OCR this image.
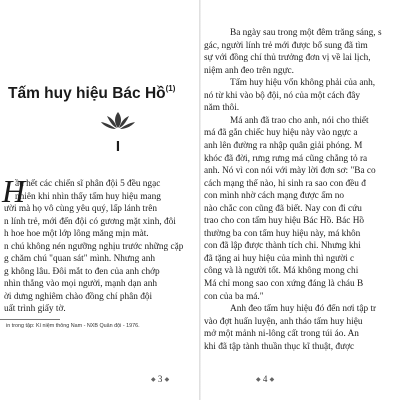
Tấm huy hiệu Bác Hồ$^{(1)}$
I
H
ầu hết các chiến sĩ phân đội 5 đều ngạc
nhiên khi nhìn thấy tấm huy hiệu mang
ười mà họ vô cùng yêu quý, lấp lánh trên
n lính trẻ, mới đến đội có gương mặt xinh, đôi
h hoe hoe một lớp lông măng mịn màt.
n chú không nén ngưỡng nghịu trước những cặp
g chăm chú "quan sát" mình. Nhưng anh
g không lâu. Đôi mắt to đen của anh chớp
nhìn thẳng vào mọi người, mạnh dạn anh
ời dưng nghiêm chào đồng chí phân đội
uất trình giấy tờ.
in trong tập: Kí niệm thông Nam - NXB Quân đội - 1976.
◆ 3 ◆
Ba ngày sau trong một đêm trăng sáng, s
gác, người lính trẻ mới được bổ sung đã tìm
sự với đồng chí thủ trưởng đơn vị về lai lịch,
niệm anh đeo trên ngực.
Tấm huy hiệu vốn không phải của anh,
nó từ khi vào bộ đội, nó của một cách đây
năm thôi.
Má anh đã trao cho anh, nói cho thiết
má đã gắn chiếc huy hiệu này vào ngực a
anh lên đường ra nhập quân giải phóng. M
khóc đã đời, rưng rưng má cũng chẳng tỏ ra
anh. Nó vì con nói với mày lời đơn sơ: "Ba co
cách mạng thế nào, hi sinh ra sao con đều đ
con mình nhờ cách mạng được ấm no
nào chắc con cũng đã biết. Nay con đi cứu
trao cho con tấm huy hiệu Bác Hồ. Bác Hồ
thường ba con tấm huy hiệu này, má khôn
con đã lập được thành tích chi. Nhưng khi
đã tặng ai huy hiệu của mình thì người c
công và là người tốt. Má không mong chi
Má chỉ mong sao con xứng đáng là cháu B
con của ba má."
Anh đeo tấm huy hiệu đó đến nơi tập tr
vào đợt huấn luyện, anh tháo tấm huy hiệu
mở một mảnh ni-lông cất trong túi áo. An
khi đã tập tành thuần thục kĩ thuật, được
◆ 4 ◆
